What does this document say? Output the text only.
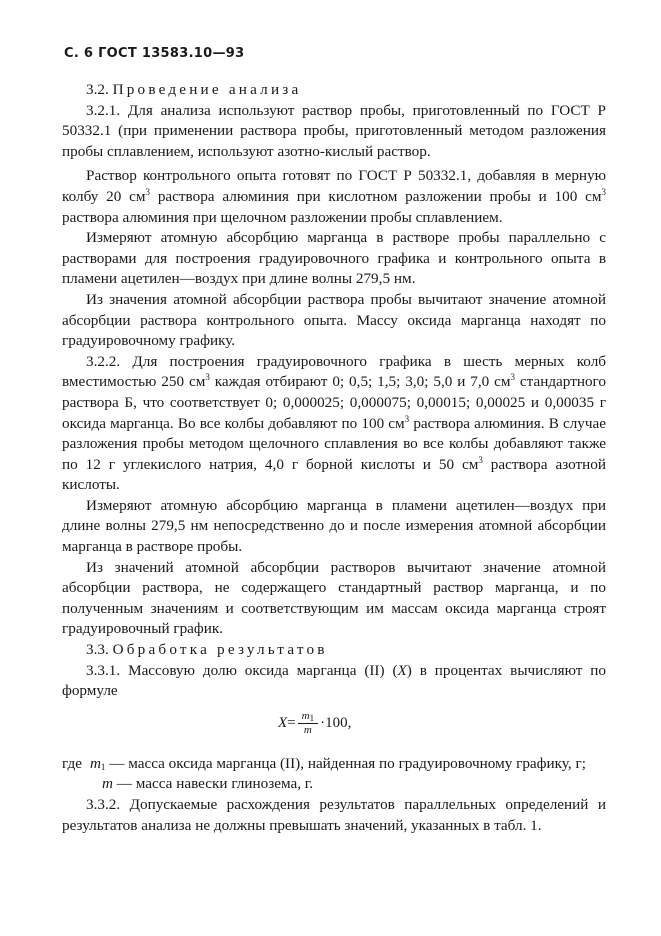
С. 6 ГОСТ 13583.10—93

3.2. Проведение анализа

3.2.1. Для анализа используют раствор пробы, приготовленный по ГОСТ Р 50332.1 (при применении раствора пробы, приготовленный методом разложения пробы сплавлением, используют азотно-кислый раствор.

Раствор контрольного опыта готовят по ГОСТ Р 50332.1, добавляя в мерную колбу 20 $см^3$ раствора алюминия при кислотном разложении пробы и 100 $см^3$ раствора алюминия при щелочном разложении пробы сплавлением.

Измеряют атомную абсорбцию марганца в растворе пробы параллельно с растворами для построения градуировочного графика и контрольного опыта в пламени ацетилен—воздух при длине волны 279,5 нм.

Из значения атомной абсорбции раствора пробы вычитают значение атомной абсорбции раствора контрольного опыта. Массу оксида марганца находят по градуировочному графику.

3.2.2. Для построения градуировочного графика в шесть мерных колб вместимостью 250 $см^3$ каждая отбирают 0; 0,5; 1,5; 3,0; 5,0 и 7,0 $см^3$ стандартного раствора Б, что соответствует 0; 0,000025; 0,000075; 0,00015; 0,00025 и 0,00035 г оксида марганца. Во все колбы добавляют по 100 $см^3$ раствора алюминия. В случае разложения пробы методом щелочного сплавления во все колбы добавляют также по 12 г углекислого натрия, 4,0 г борной кислоты и 50 $см^3$ раствора азотной кислоты.

Измеряют атомную абсорбцию марганца в пламени ацетилен—воздух при длине волны 279,5 нм непосредственно до и после измерения атомной абсорбции марганца в растворе пробы.

Из значений атомной абсорбции растворов вычитают значение атомной абсорбции раствора, не содержащего стандартный раствор марганца, и по полученным значениям и соответствующим им массам оксида марганца строят градуировочный график.

3.3. Обработка результатов

3.3.1. Массовую долю оксида марганца (II) (X) в процентах вычисляют по формуле

$X = \frac{m_1}{m} \cdot 100$,
где $m_1$ — масса оксида марганца (II), найденная по градуировочному графику, г;
m — масса навески глинозема, г.

3.3.2. Допускаемые расхождения результатов параллельных определений и результатов анализа не должны превышать значений, указанных в табл. 1.
